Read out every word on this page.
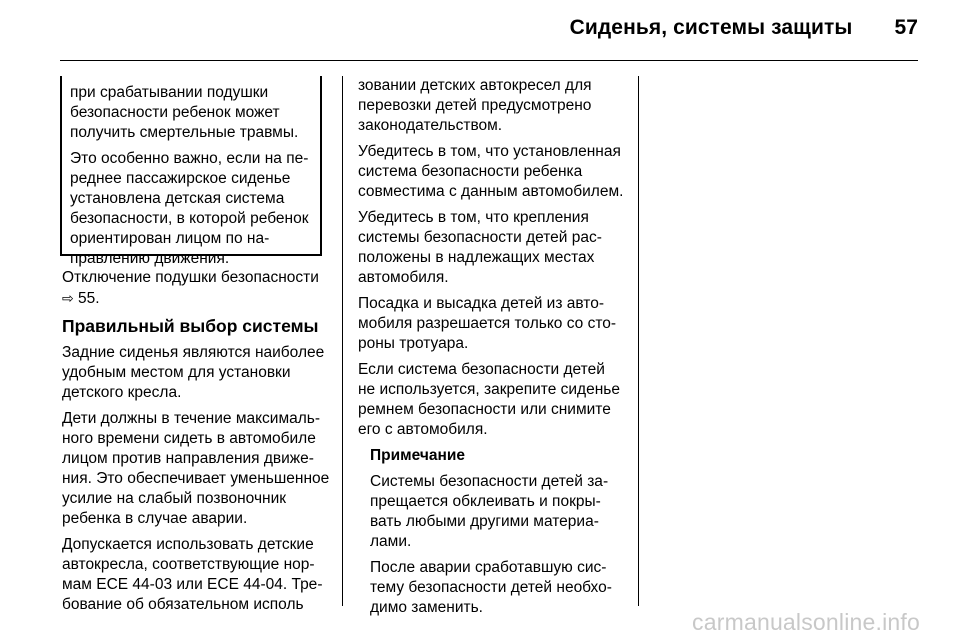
Сиденья, системы защиты 57

при срабатывании подушки безопасности ребенок может получить смертельные травмы.

Это особенно важно, если на переднее пассажирское сиденье установлена детская система безопасности, в которой ребенок ориентирован лицом по направлению движения.

Отключение подушки безопасности ⇨ 55.

Правильный выбор системы

Задние сиденья являются наиболее удобным местом для установки детского кресла.

Дети должны в течение максимального времени сидеть в автомобиле лицом против направления движения. Это обеспечивает уменьшенное усилие на слабый позвоночник ребенка в случае аварии.

Допускается использовать детские автокресла, соответствующие нормам ECE 44-03 или ECE 44-04. Требование об обязательном исполь

зовании детских автокресел для перевозки детей предусмотрено законодательством.

Убедитесь в том, что установленная система безопасности ребенка совместима с данным автомобилем.

Убедитесь в том, что крепления системы безопасности детей расположены в надлежащих местах автомобиля.

Посадка и высадка детей из автомобиля разрешается только со стороны тротуара.

Если система безопасности детей не используется, закрепите сиденье ремнем безопасности или снимите его с автомобиля.

Примечание

Системы безопасности детей запрещается обклеивать и покрывать любыми другими материалами.

После аварии сработавшую систему безопасности детей необходимо заменить.

carmanualsonline.info
